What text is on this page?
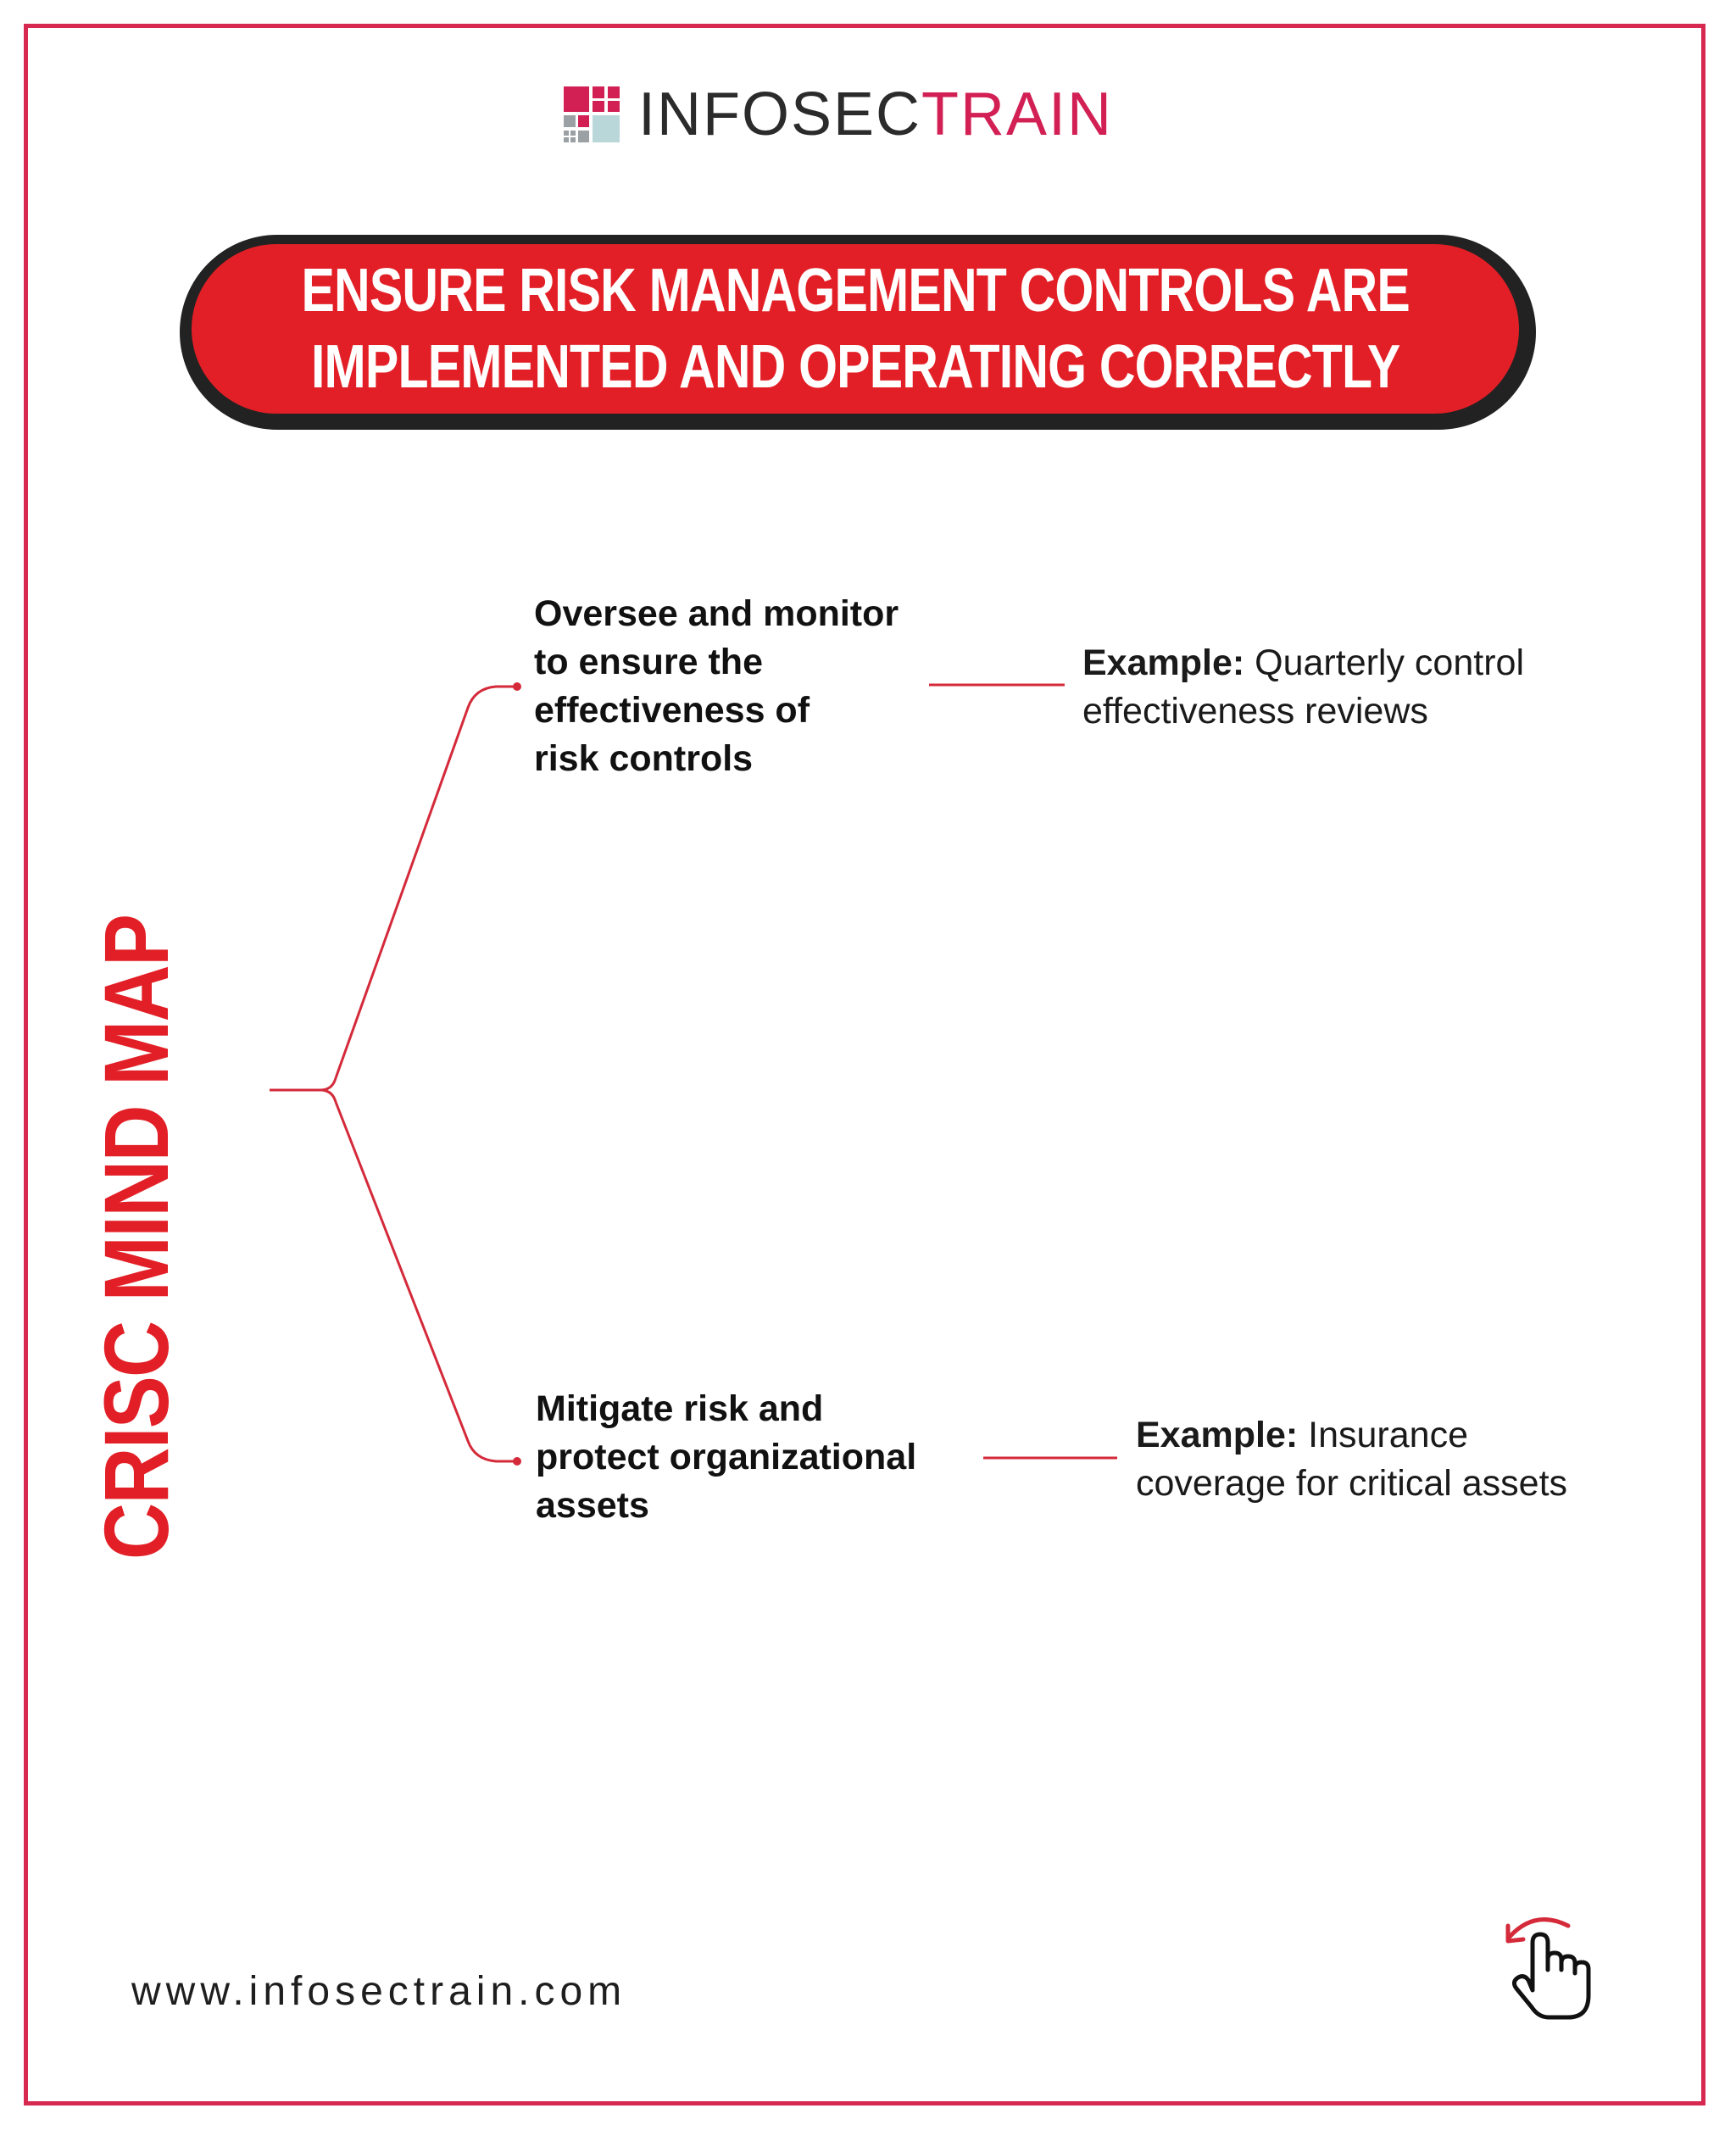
INFOSECTRAIN
ENSURE RISK MANAGEMENT CONTROLS ARE
IMPLEMENTED AND OPERATING CORRECTLY
CRISC MIND MAP
Oversee and monitor
to ensure the
effectiveness of
risk controls
Example: Quarterly control
effectiveness reviews
Mitigate risk and
protect organizational
assets
Example: Insurance
coverage for critical assets
www.infosectrain.com
